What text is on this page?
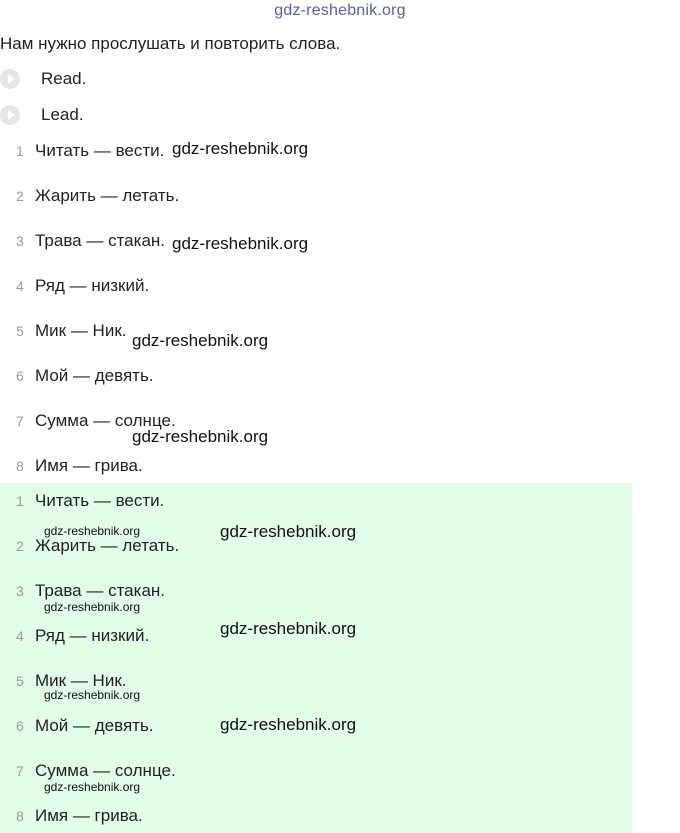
gdz-reshebnik.org
Нам нужно прослушать и повторить слова.
Read.
Lead.
1 Читать — вести.
2 Жарить — летать.
3 Трава — стакан.
4 Ряд — низкий.
5 Мик — Ник.
6 Мой — девять.
7 Сумма — солнце.
8 Имя — грива.
1 Читать — вести.
2 Жарить — летать.
3 Трава — стакан.
4 Ряд — низкий.
5 Мик — Ник.
6 Мой — девять.
7 Сумма — солнце.
8 Имя — грива.
gdz-reshebnik.org
gdz-reshebnik.org
gdz-reshebnik.org
gdz-reshebnik.org
gdz-reshebnik.org
gdz-reshebnik.org
gdz-reshebnik.org
gdz-reshebnik.org
gdz-reshebnik.org
gdz-reshebnik.org
gdz-reshebnik.org
